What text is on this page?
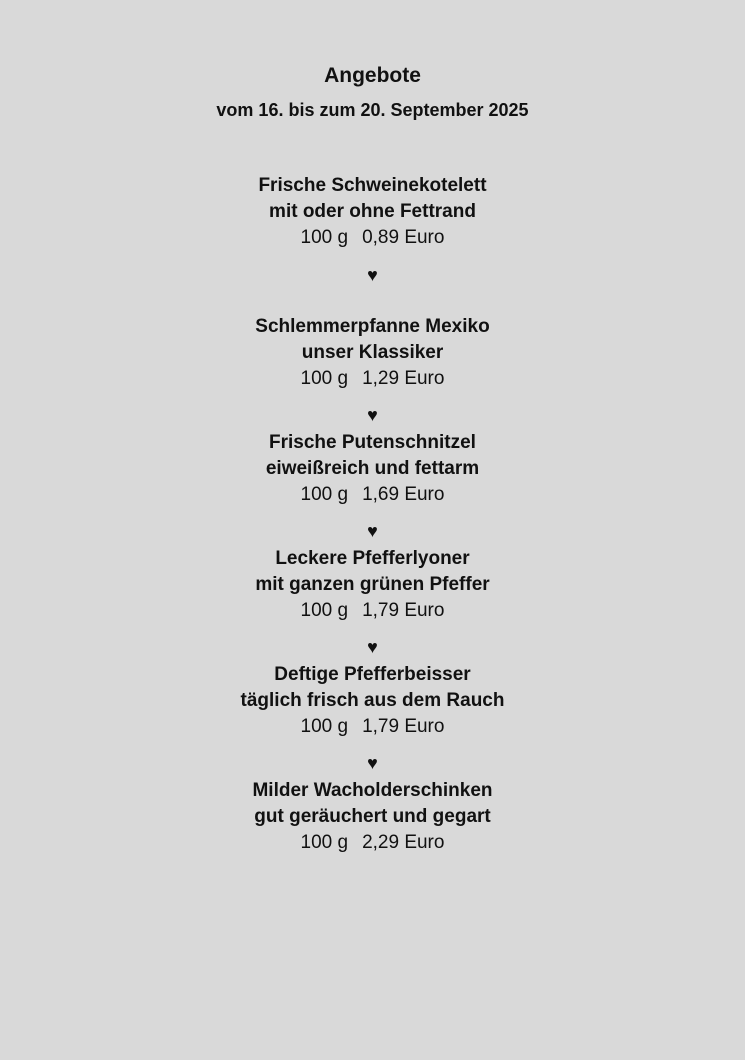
Angebote
vom 16. bis zum 20. September 2025
Frische Schweinekotelett
mit oder ohne Fettrand
100 g 0,89 Euro
♥
Schlemmerpfanne Mexiko
unser Klassiker
100 g 1,29 Euro
♥
Frische Putenschnitzel
eiweißreich und fettarm
100 g 1,69 Euro
♥
Leckere Pfefferlyoner
mit ganzen grünen Pfeffer
100 g 1,79 Euro
♥
Deftige Pfefferbeisser
täglich frisch aus dem Rauch
100 g 1,79 Euro
♥
Milder Wacholderschinken
gut geräuchert und gegart
100 g 2,29 Euro
